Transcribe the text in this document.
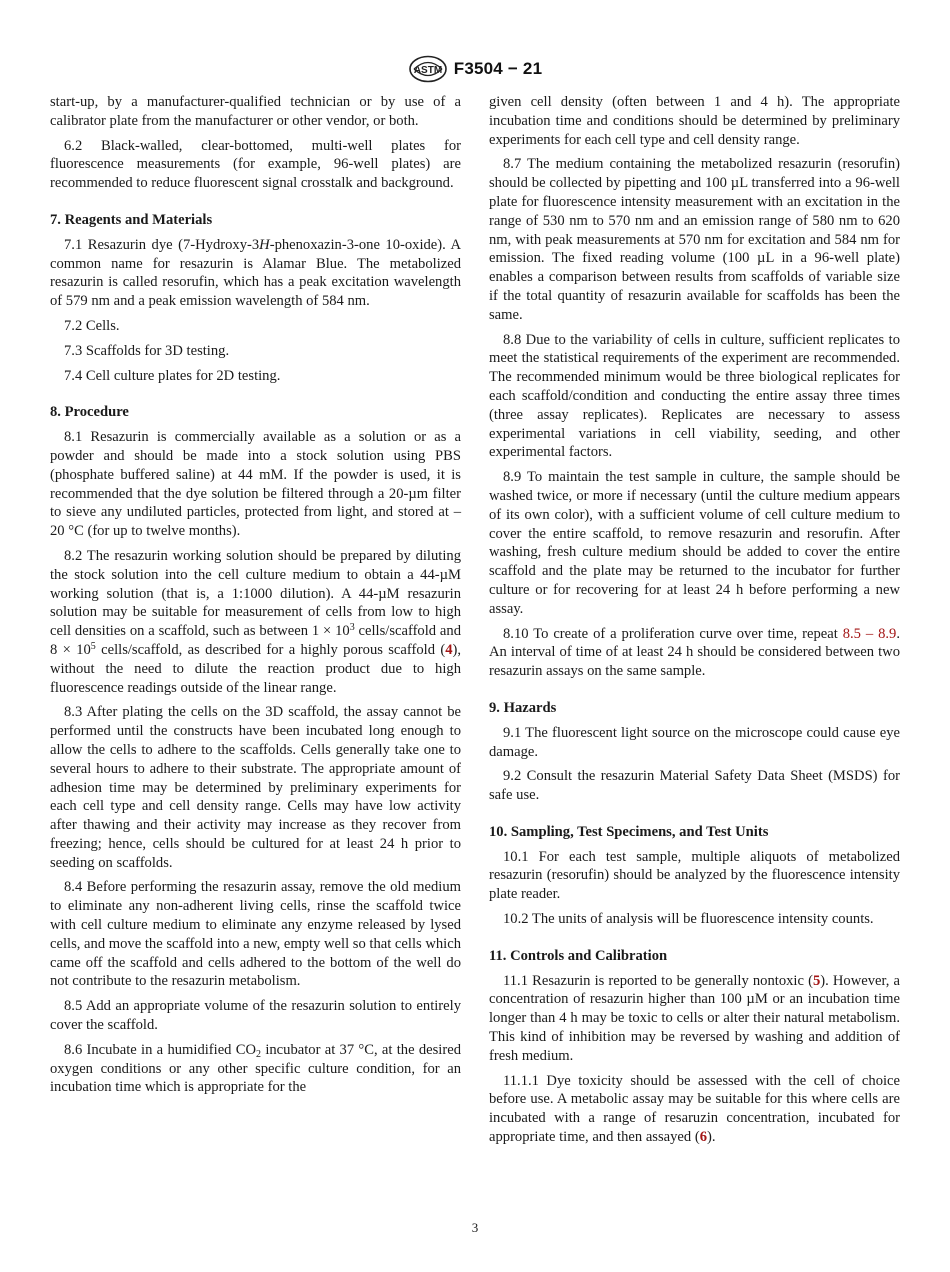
ASTM F3504 − 21

start-up, by a manufacturer-qualified technician or by use of a calibrator plate from the manufacturer or other vendor, or both.

6.2 Black-walled, clear-bottomed, multi-well plates for fluorescence measurements (for example, 96-well plates) are recommended to reduce fluorescent signal crosstalk and background.

7. Reagents and Materials

7.1 Resazurin dye (7-Hydroxy-3H-phenoxazin-3-one 10-oxide). A common name for resazurin is Alamar Blue. The metabolized resazurin is called resorufin, which has a peak excitation wavelength of 579 nm and a peak emission wavelength of 584 nm.

7.2 Cells.

7.3 Scaffolds for 3D testing.

7.4 Cell culture plates for 2D testing.

8. Procedure

8.1 Resazurin is commercially available as a solution or as a powder and should be made into a stock solution using PBS (phosphate buffered saline) at 44 mM. If the powder is used, it is recommended that the dye solution be filtered through a 20-µm filter to sieve any undiluted particles, protected from light, and stored at –20 °C (for up to twelve months).

8.2 The resazurin working solution should be prepared by diluting the stock solution into the cell culture medium to obtain a 44-µM working solution (that is, a 1:1000 dilution). A 44-µM resazurin solution may be suitable for measurement of cells from low to high cell densities on a scaffold, such as between $1 \times 10^3$ cells/scaffold and $8 \times 10^5$ cells/scaffold, as described for a highly porous scaffold (4), without the need to dilute the reaction product due to high fluorescence readings outside of the linear range.

8.3 After plating the cells on the 3D scaffold, the assay cannot be performed until the constructs have been incubated long enough to allow the cells to adhere to the scaffolds. Cells generally take one to several hours to adhere to their substrate. The appropriate amount of adhesion time may be determined by preliminary experiments for each cell type and cell density range. Cells may have low activity after thawing and their activity may increase as they recover from freezing; hence, cells should be cultured for at least 24 h prior to seeding on scaffolds.

8.4 Before performing the resazurin assay, remove the old medium to eliminate any non-adherent living cells, rinse the scaffold twice with cell culture medium to eliminate any enzyme released by lysed cells, and move the scaffold into a new, empty well so that cells which came off the scaffold and cells adhered to the bottom of the well do not contribute to the resazurin metabolism.

8.5 Add an appropriate volume of the resazurin solution to entirely cover the scaffold.

8.6 Incubate in a humidified $CO_2$ incubator at 37 °C, at the desired oxygen conditions or any other specific culture condition, for an incubation time which is appropriate for the

given cell density (often between 1 and 4 h). The appropriate incubation time and conditions should be determined by preliminary experiments for each cell type and cell density range.

8.7 The medium containing the metabolized resazurin (resorufin) should be collected by pipetting and 100 µL transferred into a 96-well plate for fluorescence intensity measurement with an excitation in the range of 530 nm to 570 nm and an emission range of 580 nm to 620 nm, with peak measurements at 570 nm for excitation and 584 nm for emission. The fixed reading volume (100 µL in a 96-well plate) enables a comparison between results from scaffolds of variable size if the total quantity of resazurin available for scaffolds has been the same.

8.8 Due to the variability of cells in culture, sufficient replicates to meet the statistical requirements of the experiment are recommended. The recommended minimum would be three biological replicates for each scaffold/condition and conducting the entire assay three times (three assay replicates). Replicates are necessary to assess experimental variations in cell viability, seeding, and other experimental factors.

8.9 To maintain the test sample in culture, the sample should be washed twice, or more if necessary (until the culture medium appears of its own color), with a sufficient volume of cell culture medium to cover the entire scaffold, to remove resazurin and resorufin. After washing, fresh culture medium should be added to cover the entire scaffold and the plate may be returned to the incubator for further culture or for recovering for at least 24 h before performing a new assay.

8.10 To create of a proliferation curve over time, repeat 8.5 – 8.9. An interval of time of at least 24 h should be considered between two resazurin assays on the same sample.

9. Hazards

9.1 The fluorescent light source on the microscope could cause eye damage.

9.2 Consult the resazurin Material Safety Data Sheet (MSDS) for safe use.

10. Sampling, Test Specimens, and Test Units

10.1 For each test sample, multiple aliquots of metabolized resazurin (resorufin) should be analyzed by the fluorescence intensity plate reader.

10.2 The units of analysis will be fluorescence intensity counts.

11. Controls and Calibration

11.1 Resazurin is reported to be generally nontoxic (5). However, a concentration of resazurin higher than 100 µM or an incubation time longer than 4 h may be toxic to cells or alter their natural metabolism. This kind of inhibition may be reversed by washing and addition of fresh medium.

11.1.1 Dye toxicity should be assessed with the cell of choice before use. A metabolic assay may be suitable for this where cells are incubated with a range of resaruzin concentration, incubated for appropriate time, and then assayed (6).

3
